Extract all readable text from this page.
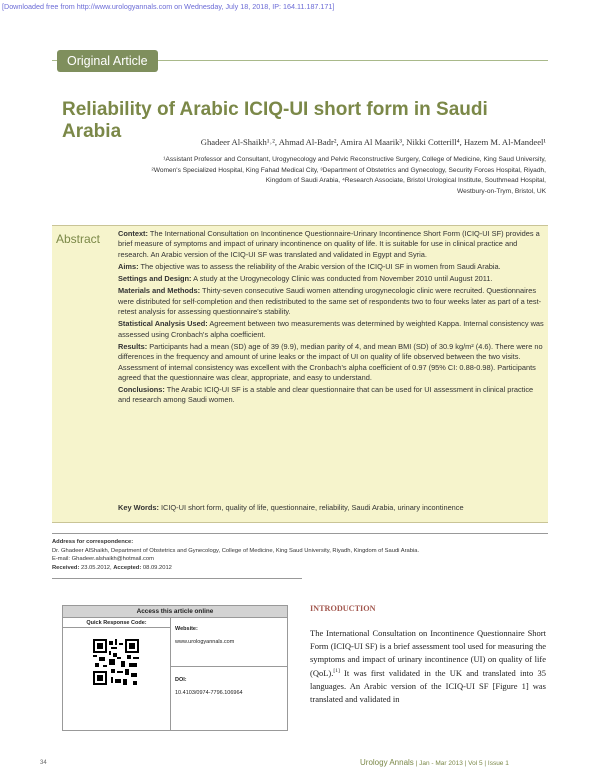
[Downloaded free from http://www.urologyannals.com on Wednesday, July 18, 2018, IP: 164.11.187.171]
Original Article
Reliability of Arabic ICIQ-UI short form in Saudi Arabia	Ghadeer Al-Shaikh¹˒², Ahmad Al-Badr², Amira Al Maarik³, Nikki Cotterill⁴, Hazem M. Al-Mandeel¹
¹Assistant Professor and Consultant, Urogynecology and Pelvic Reconstructive Surgery, College of Medicine, King Saud University,
²Women's Specialized Hospital, King Fahad Medical City, ³Department of Obstetrics and Gynecology, Security Forces Hospital, Riyadh,
Kingdom of Saudi Arabia, ⁴Research Associate, Bristol Urological Institute, Southmead Hospital,
Westbury-on-Trym, Bristol, UK
Abstract Context: The International Consultation on Incontinence Questionnaire-Urinary Incontinence Short Form (ICIQ-UI SF) provides a brief measure of symptoms and impact of urinary incontinence on quality of life. It is suitable for use in clinical practice and research. An Arabic version of the ICIQ-UI SF was translated and validated in Egypt and Syria.

Aims: The objective was to assess the reliability of the Arabic version of the ICIQ-UI SF in women from Saudi Arabia.

Settings and Design: A study at the Urogynecology Clinic was conducted from November 2010 until August 2011.

Materials and Methods: Thirty-seven consecutive Saudi women attending urogynecologic clinic were recruited. Questionnaires were distributed for self-completion and then redistributed to the same set of respondents two to four weeks later as part of a test-retest analysis for assessing questionnaire's stability.

Statistical Analysis Used: Agreement between two measurements was determined by weighted Kappa. Internal consistency was assessed using Cronbach's alpha coefficient.

Results: Participants had a mean (SD) age of 39 (9.9), median parity of 4, and mean BMI (SD) of 30.9 kg/m² (4.6). There were no differences in the frequency and amount of urine leaks or the impact of UI on quality of life observed between the two visits. Assessment of internal consistency was excellent with the Cronbach's alpha coefficient of 0.97 (95% CI: 0.88-0.98). Participants agreed that the questionnaire was clear, appropriate, and easy to understand.

Conclusions: The Arabic ICIQ-UI SF is a stable and clear questionnaire that can be used for UI assessment in clinical practice and research among Saudi women.

Key Words: ICIQ-UI short form, quality of life, questionnaire, reliability, Saudi Arabia, urinary incontinence
Address for correspondence:
Dr. Ghadeer AlShaikh, Department of Obstetrics and Gynecology, College of Medicine, King Saud University, Riyadh, Kingdom of Saudi Arabia.
E-mail: Ghadeer.alshaikh@hotmail.com
Received: 23.05.2012, Accepted: 08.09.2012
Access this article online
Quick Response Code:
Website:
www.urologyannals.com
DOI:
10.4103/0974-7796.106964
INTRODUCTION
The International Consultation on Incontinence Questionnaire Short Form (ICIQ-UI SF) is a brief assessment tool used for measuring the symptoms and impact of urinary incontinence (UI) on quality of life (QoL).[1] It was first validated in the UK and translated into 35 languages. An Arabic version of the ICIQ-UI SF [Figure 1] was translated and validated in
34	Urology Annals | Jan - Mar 2013 | Vol 5 | Issue 1
